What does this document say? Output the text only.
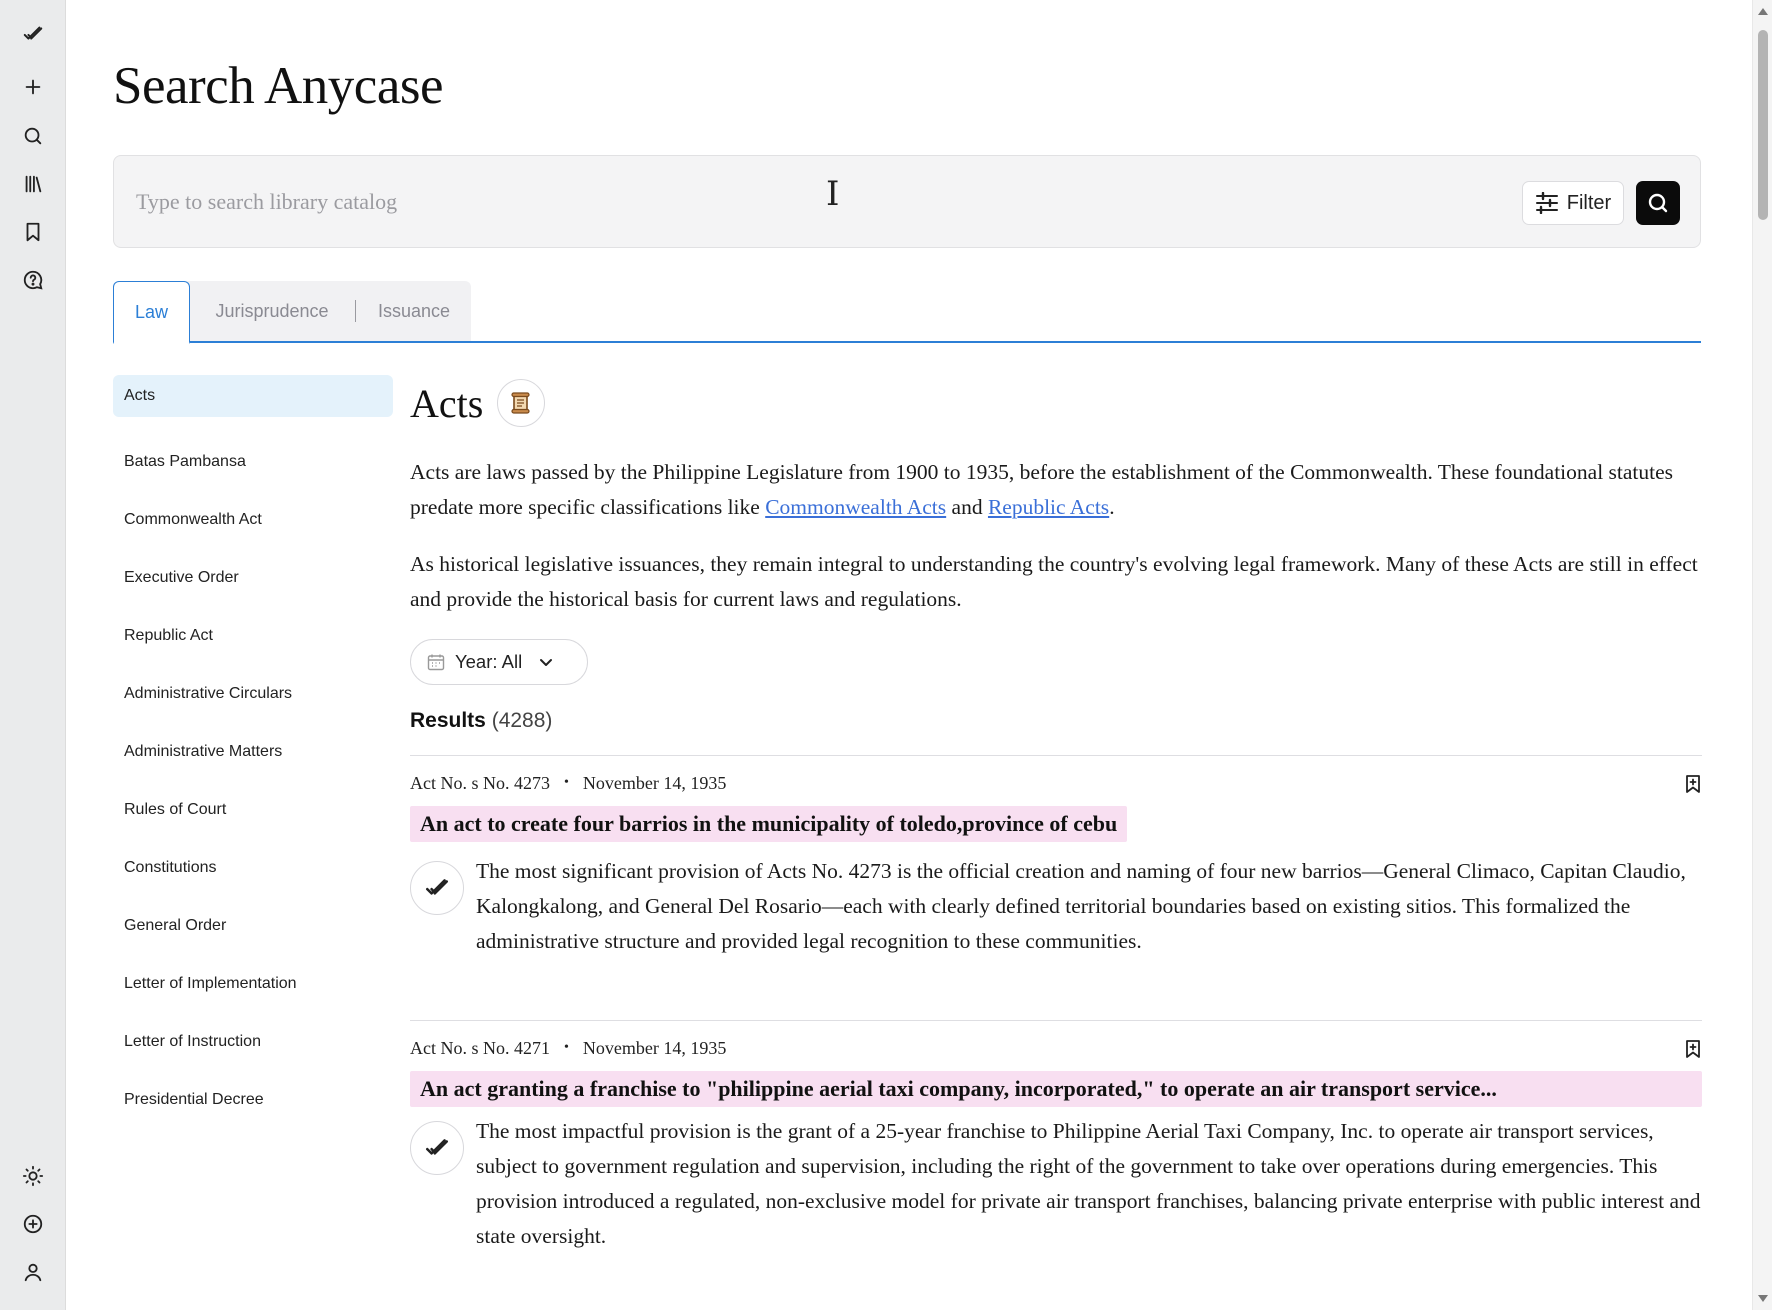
Search Anycase
Type to search library catalog
I	Filter
Law	Jurisprudence	Issuance
Acts
Batas Pambansa
Commonwealth Act
Executive Order
Republic Act
Administrative Circulars
Administrative Matters
Rules of Court
Constitutions
General Order
Letter of Implementation
Letter of Instruction
Presidential Decree
Acts

Acts are laws passed by the Philippine Legislature from 1900 to 1935, before the establishment of the Commonwealth. These foundational statutes predate more specific classifications like Commonwealth Acts and Republic Acts.

As historical legislative issuances, they remain integral to understanding the country's evolving legal framework. Many of these Acts are still in effect and provide the historical basis for current laws and regulations.

Year: All
Results (4288)
Act No. s No. 4273 • November 14, 1935
An act to create four barrios in the municipality of toledo,province of cebu

The most significant provision of Acts No. 4273 is the official creation and naming of four new barrios—General Climaco, Capitan Claudio, Kalongkalong, and General Del Rosario—each with clearly defined territorial boundaries based on existing sitios. This formalized the administrative structure and provided legal recognition to these communities.

Act No. s No. 4271 • November 14, 1935
An act granting a franchise to "philippine aerial taxi company, incorporated," to operate an air transport service...

The most impactful provision is the grant of a 25-year franchise to Philippine Aerial Taxi Company, Inc. to operate air transport services, subject to government regulation and supervision, including the right of the government to take over operations during emergencies. This provision introduced a regulated, non-exclusive model for private air transport franchises, balancing private enterprise with public interest and state oversight.
